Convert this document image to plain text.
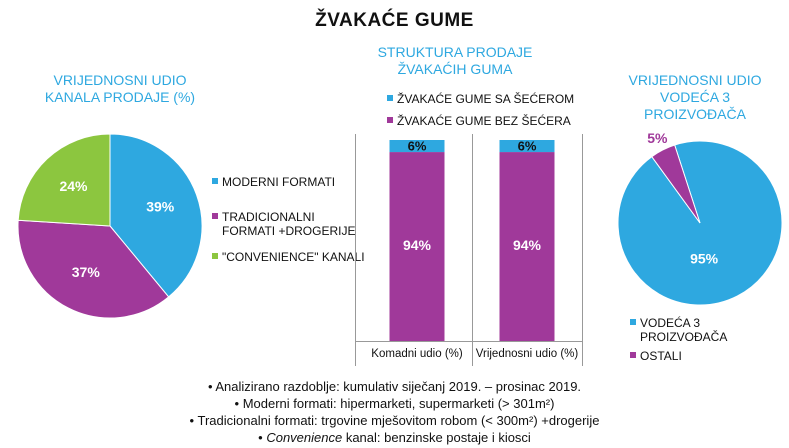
ŽVAKAĆE GUME
VRIJEDNOSNI UDIO
KANALA PRODAJE (%)
39%
37%
24%	MODERNI FORMATI
TRADICIONALNI
FORMATI +DROGERIJE
"CONVENIENCE" KANALI
STRUKTURA PRODAJE
ŽVAKAĆIH GUMA
ŽVAKAĆE GUME SA ŠEĆEROM
ŽVAKAĆE GUME BEZ ŠEĆERA
94%
6%
Komadni udio (%)
94%
6%
Vrijednosni udio (%)
VRIJEDNOSNI UDIO
VODEĆA 3
PROIZVOĐAČA
95%
5%
VODEĆA 3 PROIZVOĐAČA
OSTALI
• Analizirano razdoblje: kumulativ siječanj 2019. – prosinac 2019.
• Moderni formati: hipermarketi, supermarketi (> 301m²)
• Tradicionalni formati: trgovine mješovitom robom (< 300m²) +drogerije
• Convenience kanal: benzinske postaje i kiosci
